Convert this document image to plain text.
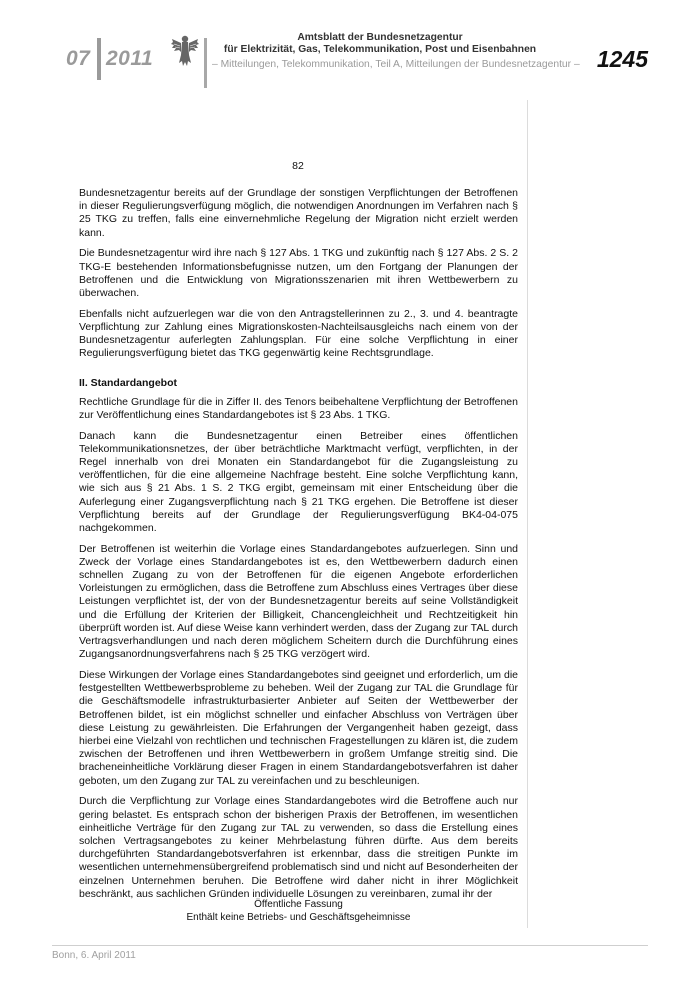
07 2011
Amtsblatt der Bundesnetzagentur
für Elektrizität, Gas, Telekommunikation, Post und Eisenbahnen
– Mitteilungen, Telekommunikation, Teil A, Mitteilungen der Bundesnetzagentur – 1245
82

Bundesnetzagentur bereits auf der Grundlage der sonstigen Verpflichtungen der Betroffenen in dieser Regulierungsverfügung möglich, die notwendigen Anordnungen im Verfahren nach § 25 TKG zu treffen, falls eine einvernehmliche Regelung der Migration nicht erzielt werden kann.

Die Bundesnetzagentur wird ihre nach § 127 Abs. 1 TKG und zukünftig nach § 127 Abs. 2 S. 2 TKG-E bestehenden Informationsbefugnisse nutzen, um den Fortgang der Planungen der Betroffenen und die Entwicklung von Migrationsszenarien mit ihren Wettbewerbern zu überwachen.

Ebenfalls nicht aufzuerlegen war die von den Antragstellerinnen zu 2., 3. und 4. beantragte Verpflichtung zur Zahlung eines Migrationskosten-Nachteilsausgleichs nach einem von der Bundesnetzagentur auferlegten Zahlungsplan. Für eine solche Verpflichtung in einer Regulierungsverfügung bietet das TKG gegenwärtig keine Rechtsgrundlage.

II. Standardangebot

Rechtliche Grundlage für die in Ziffer II. des Tenors beibehaltene Verpflichtung der Betroffenen zur Veröffentlichung eines Standardangebotes ist § 23 Abs. 1 TKG.

Danach kann die Bundesnetzagentur einen Betreiber eines öffentlichen Telekommunikationsnetzes, der über beträchtliche Marktmacht verfügt, verpflichten, in der Regel innerhalb von drei Monaten ein Standardangebot für die Zugangsleistung zu veröffentlichen, für die eine allgemeine Nachfrage besteht. Eine solche Verpflichtung kann, wie sich aus § 21 Abs. 1 S. 2 TKG ergibt, gemeinsam mit einer Entscheidung über die Auferlegung einer Zugangsverpflichtung nach § 21 TKG ergehen. Die Betroffene ist dieser Verpflichtung bereits auf der Grundlage der Regulierungsverfügung BK4-04-075 nachgekommen.

Der Betroffenen ist weiterhin die Vorlage eines Standardangebotes aufzuerlegen. Sinn und Zweck der Vorlage eines Standardangebotes ist es, den Wettbewerbern dadurch einen schnellen Zugang zu von der Betroffenen für die eigenen Angebote erforderlichen Vorleistungen zu ermöglichen, dass die Betroffene zum Abschluss eines Vertrages über diese Leistungen verpflichtet ist, der von der Bundesnetzagentur bereits auf seine Vollständigkeit und die Erfüllung der Kriterien der Billigkeit, Chancengleichheit und Rechtzeitigkeit hin überprüft worden ist. Auf diese Weise kann verhindert werden, dass der Zugang zur TAL durch Vertragsverhandlungen und nach deren möglichem Scheitern durch die Durchführung eines Zugangsanordnungsverfahrens nach § 25 TKG verzögert wird.

Diese Wirkungen der Vorlage eines Standardangebotes sind geeignet und erforderlich, um die festgestellten Wettbewerbsprobleme zu beheben. Weil der Zugang zur TAL die Grundlage für die Geschäftsmodelle infrastrukturbasierter Anbieter auf Seiten der Wettbewerber der Betroffenen bildet, ist ein möglichst schneller und einfacher Abschluss von Verträgen über diese Leistung zu gewährleisten. Die Erfahrungen der Vergangenheit haben gezeigt, dass hierbei eine Vielzahl von rechtlichen und technischen Fragestellungen zu klären ist, die zudem zwischen der Betroffenen und ihren Wettbewerbern in großem Umfange streitig sind. Die bracheneinheitliche Vorklärung dieser Fragen in einem Standardangebotsverfahren ist daher geboten, um den Zugang zur TAL zu vereinfachen und zu beschleunigen.

Durch die Verpflichtung zur Vorlage eines Standardangebotes wird die Betroffene auch nur gering belastet. Es entsprach schon der bisherigen Praxis der Betroffenen, im wesentlichen einheitliche Verträge für den Zugang zur TAL zu verwenden, so dass die Erstellung eines solchen Vertragsangebotes zu keiner Mehrbelastung führen dürfte. Aus dem bereits durchgeführten Standardangebotsverfahren ist erkennbar, dass die streitigen Punkte im wesentlichen unternehmensübergreifend problematisch sind und nicht auf Besonderheiten der einzelnen Unternehmen beruhen. Die Betroffene wird daher nicht in ihrer Möglichkeit beschränkt, aus sachlichen Gründen individuelle Lösungen zu vereinbaren, zumal ihr der

Öffentliche Fassung
Enthält keine Betriebs- und Geschäftsgeheimnisse
Bonn, 6. April 2011
